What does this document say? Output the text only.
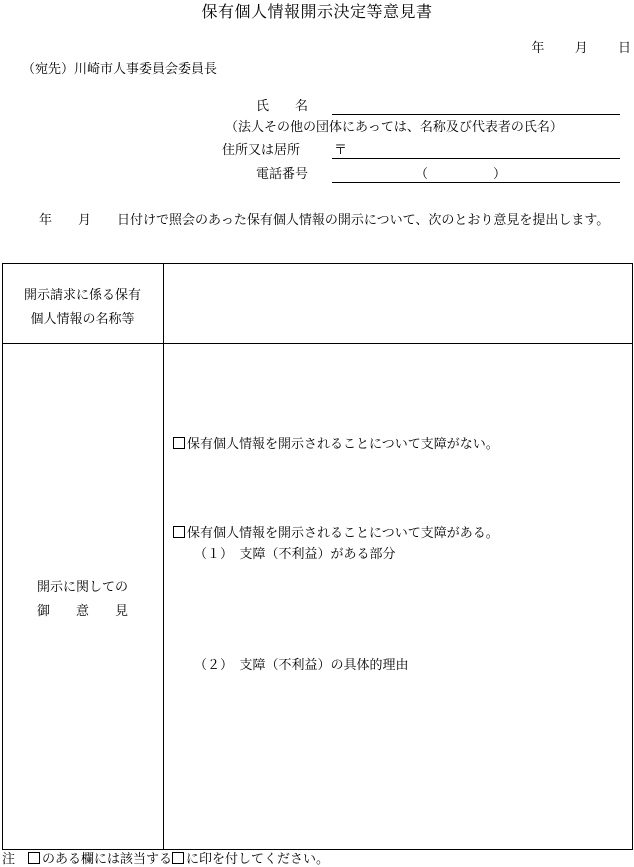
保有個人情報開示決定等意見書
年 月 日
（宛先）川崎市人事委員会委員長
氏　　名
（法人その他の団体にあっては、名称及び代表者の氏名）
住所又は居所	〒
電話番号	（　　　　　）
　　　年　　月　　日付けで照会のあった保有個人情報の開示について、次のとおり意見を提出します。
開示請求に係る保有
個人情報の名称等
開示に関しての
御　　意　　見
保有個人情報を開示されることについて支障がない。
保有個人情報を開示されることについて支障がある。
（１）　支障（不利益）がある部分
（２）　支障（不利益）の具体的理由
注　のある欄には該当する に印を付してください。
